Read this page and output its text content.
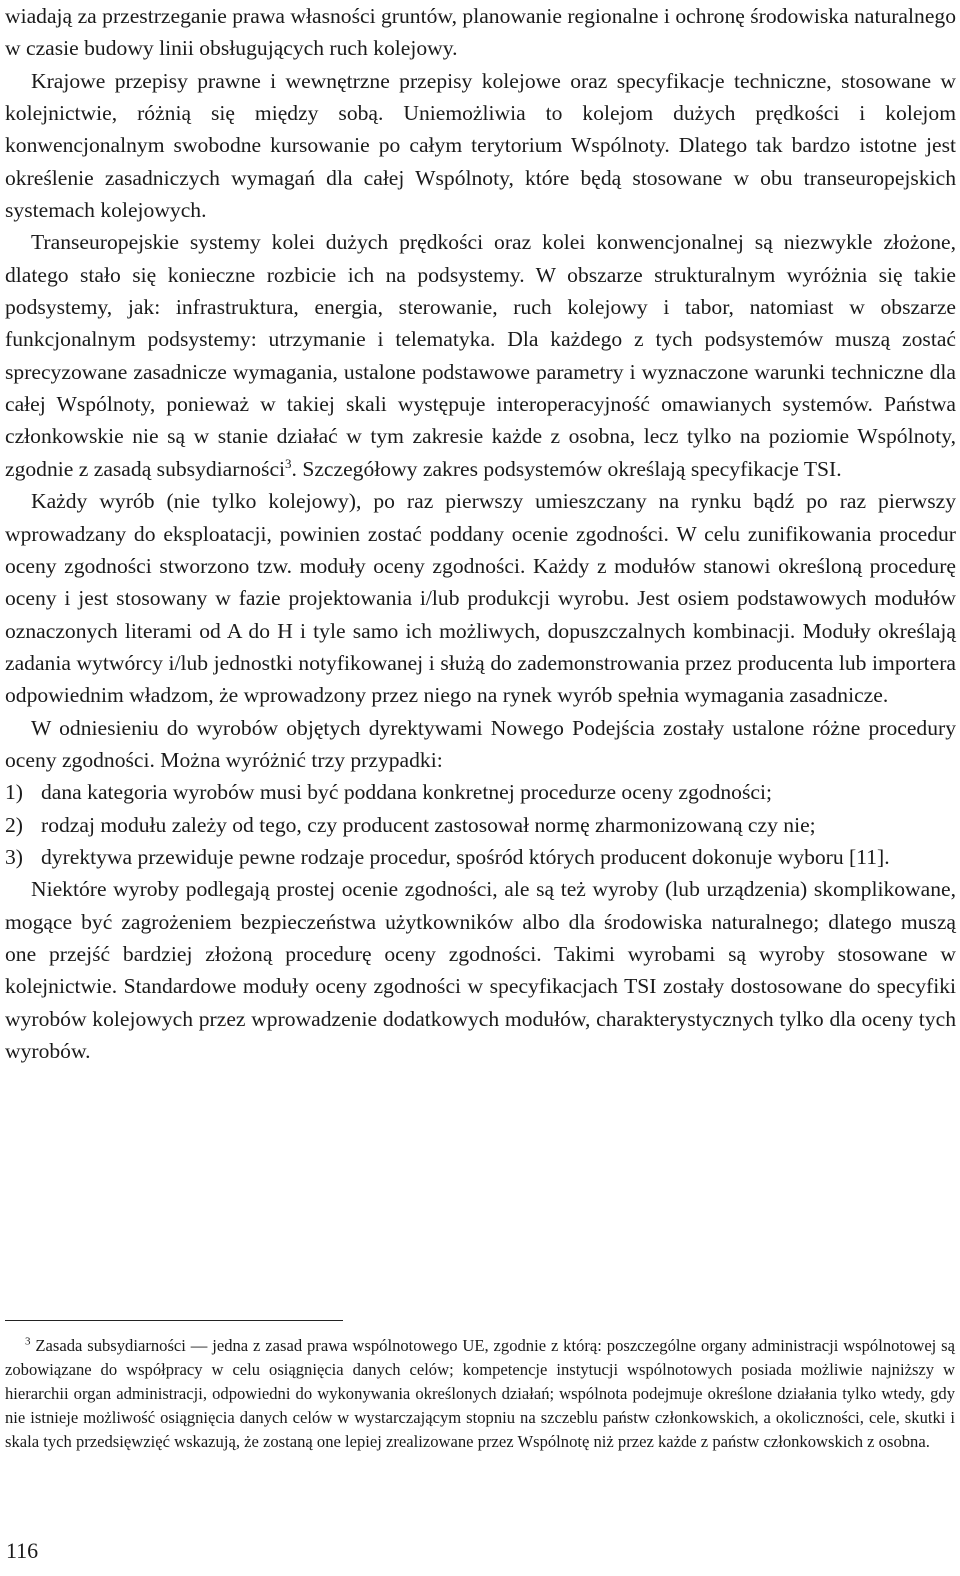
wiadają za przestrzeganie prawa własności gruntów, planowanie regionalne i ochronę środowiska naturalnego w czasie budowy linii obsługujących ruch kolejowy.

Krajowe przepisy prawne i wewnętrzne przepisy kolejowe oraz specyfikacje techniczne, stosowane w kolejnictwie, różnią się między sobą. Uniemożliwia to kolejom dużych prędkości i kolejom konwencjonalnym swobodne kursowanie po całym terytorium Wspólnoty. Dlatego tak bardzo istotne jest określenie zasadniczych wymagań dla całej Wspólnoty, które będą stosowane w obu transeuropejskich systemach kolejowych.

Transeuropejskie systemy kolei dużych prędkości oraz kolei konwencjonalnej są niezwykle złożone, dlatego stało się konieczne rozbicie ich na podsystemy. W obszarze strukturalnym wyróżnia się takie podsystemy, jak: infrastruktura, energia, sterowanie, ruch kolejowy i tabor, natomiast w obszarze funkcjonalnym podsystemy: utrzymanie i telematyka. Dla każdego z tych podsystemów muszą zostać sprecyzowane zasadnicze wymagania, ustalone podstawowe parametry i wyznaczone warunki techniczne dla całej Wspólnoty, ponieważ w takiej skali występuje interoperacyjność omawianych systemów. Państwa członkowskie nie są w stanie działać w tym zakresie każde z osobna, lecz tylko na poziomie Wspólnoty, zgodnie z zasadą subsydiarności$^3$. Szczegółowy zakres podsystemów określają specyfikacje TSI.

Każdy wyrób (nie tylko kolejowy), po raz pierwszy umieszczany na rynku bądź po raz pierwszy wprowadzany do eksploatacji, powinien zostać poddany ocenie zgodności. W celu zunifikowania procedur oceny zgodności stworzono tzw. moduły oceny zgodności. Każdy z modułów stanowi określoną procedurę oceny i jest stosowany w fazie projektowania i/lub produkcji wyrobu. Jest osiem podstawowych modułów oznaczonych literami od A do H i tyle samo ich możliwych, dopuszczalnych kombinacji. Moduły określają zadania wytwórcy i/lub jednostki notyfikowanej i służą do zademonstrowania przez producenta lub importera odpowiednim władzom, że wprowadzony przez niego na rynek wyrób spełnia wymagania zasadnicze.

W odniesieniu do wyrobów objętych dyrektywami Nowego Podejścia zostały ustalone różne procedury oceny zgodności. Można wyróżnić trzy przypadki:

1) dana kategoria wyrobów musi być poddana konkretnej procedurze oceny zgodności;
2) rodzaj modułu zależy od tego, czy producent zastosował normę zharmonizowaną czy nie;
3) dyrektywa przewiduje pewne rodzaje procedur, spośród których producent dokonuje wyboru [11].

Niektóre wyroby podlegają prostej ocenie zgodności, ale są też wyroby (lub urządzenia) skomplikowane, mogące być zagrożeniem bezpieczeństwa użytkowników albo dla środowiska naturalnego; dlatego muszą one przejść bardziej złożoną procedurę oceny zgodności. Takimi wyrobami są wyroby stosowane w kolejnictwie. Standardowe moduły oceny zgodności w specyfikacjach TSI zostały dostosowane do specyfiki wyrobów kolejowych przez wprowadzenie dodatkowych modułów, charakterystycznych tylko dla oceny tych wyrobów.

$^3$ Zasada subsydiarności — jedna z zasad prawa wspólnotowego UE, zgodnie z którą: poszczególne organy administracji wspólnotowej są zobowiązane do współpracy w celu osiągnięcia danych celów; kompetencje instytucji wspólnotowych posiada możliwie najniższy w hierarchii organ administracji, odpowiedni do wykonywania określonych działań; wspólnota podejmuje określone działania tylko wtedy, gdy nie istnieje możliwość osiągnięcia danych celów w wystarczającym stopniu na szczeblu państw członkowskich, a okoliczności, cele, skutki i skala tych przedsięwzięć wskazują, że zostaną one lepiej zrealizowane przez Wspólnotę niż przez każde z państw członkowskich z osobna.

116
